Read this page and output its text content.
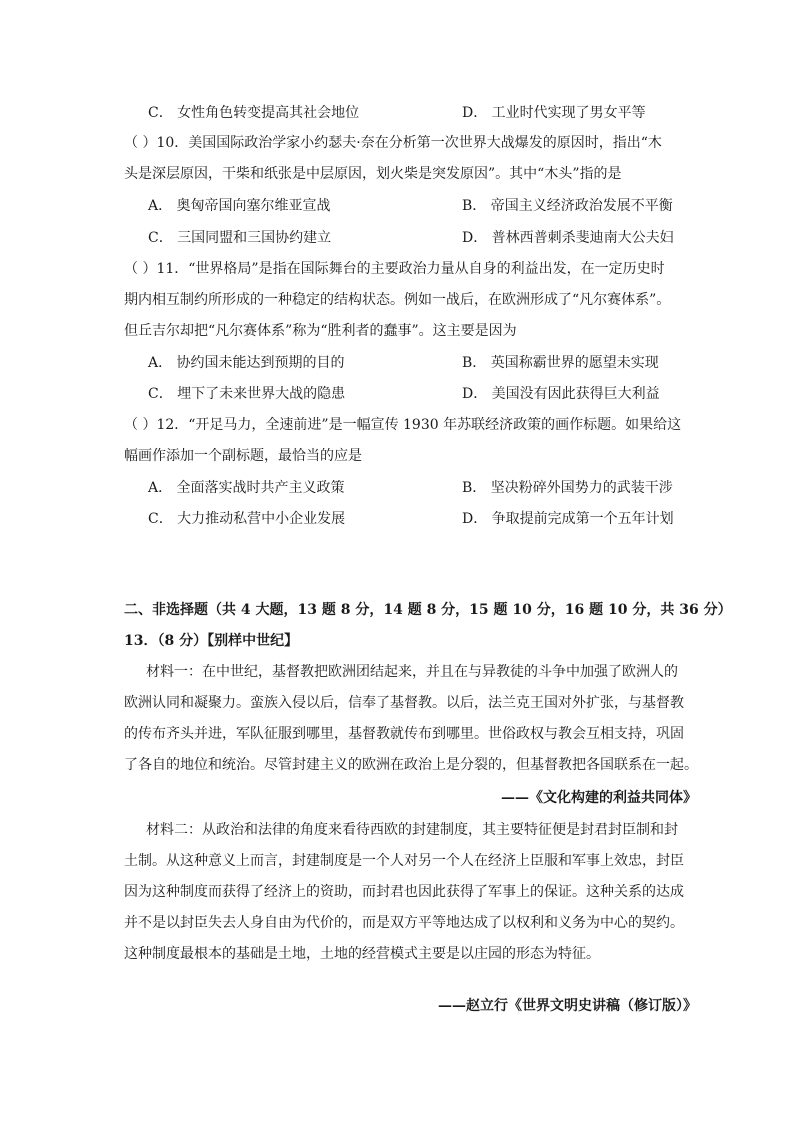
C． 女性角色转变提高其社会地位	D． 工业时代实现了男女平等
（ ）10．美国国际政治学家小约瑟夫·奈在分析第一次世界大战爆发的原因时，指出“木
头是深层原因，干柴和纸张是中层原因，划火柴是突发原因”。其中“木头”指的是
A． 奥匈帝国向塞尔维亚宣战	B． 帝国主义经济政治发展不平衡
C． 三国同盟和三国协约建立	D． 普林西普刺杀斐迪南大公夫妇
（ ）11．“世界格局”是指在国际舞台的主要政治力量从自身的利益出发，在一定历史时
期内相互制约所形成的一种稳定的结构状态。例如一战后，在欧洲形成了“凡尔赛体系”。
但丘吉尔却把“凡尔赛体系”称为“胜利者的蠢事”。这主要是因为
A． 协约国未能达到预期的目的	B． 英国称霸世界的愿望未实现
C． 埋下了未来世界大战的隐患	D． 美国没有因此获得巨大利益
（ ）12．“开足马力，全速前进”是一幅宣传 1930 年苏联经济政策的画作标题。如果给这
幅画作添加一个副标题，最恰当的应是
A． 全面落实战时共产主义政策	B． 坚决粉碎外国势力的武装干涉
C． 大力推动私营中小企业发展	D． 争取提前完成第一个五年计划
二、非选择题（共 4 大题，13 题 8 分，14 题 8 分，15 题 10 分，16 题 10 分，共 36 分）
13．（8 分）【别样中世纪】
材料一：在中世纪，基督教把欧洲团结起来，并且在与异教徒的斗争中加强了欧洲人的
欧洲认同和凝聚力。蛮族入侵以后，信奉了基督教。以后，法兰克王国对外扩张，与基督教
的传布齐头并进，军队征服到哪里，基督教就传布到哪里。世俗政权与教会互相支持，巩固
了各自的地位和统治。尽管封建主义的欧洲在政治上是分裂的，但基督教把各国联系在一起。
——《文化构建的利益共同体》
材料二：从政治和法律的角度来看待西欧的封建制度，其主要特征便是封君封臣制和封
土制。从这种意义上而言，封建制度是一个人对另一个人在经济上臣服和军事上效忠，封臣
因为这种制度而获得了经济上的资助，而封君也因此获得了军事上的保证。这种关系的达成
并不是以封臣失去人身自由为代价的，而是双方平等地达成了以权利和义务为中心的契约。
这种制度最根本的基础是土地，土地的经营模式主要是以庄园的形态为特征。
——赵立行《世界文明史讲稿（修订版）》
